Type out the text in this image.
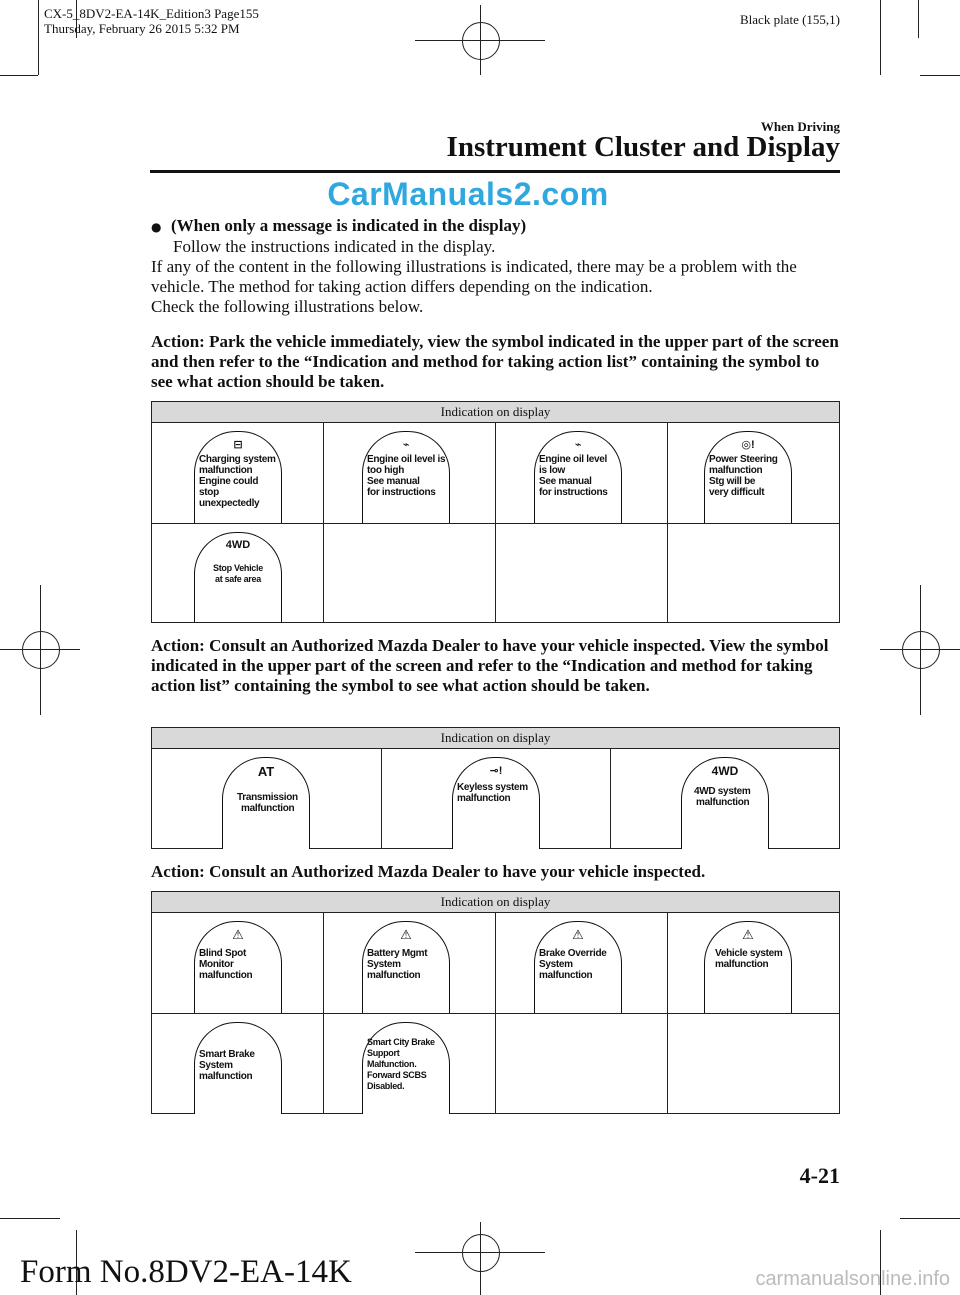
CX-5_8DV2-EA-14K_Edition3 Page155
Thursday, February 26 2015 5:32 PM
Black plate (155,1)
When Driving
Instrument Cluster and Display
CarManuals2.com
● (When only a message is indicated in the display)
Follow the instructions indicated in the display.
If any of the content in the following illustrations is indicated, there may be a problem with the vehicle. The method for taking action differs depending on the indication.
Check the following illustrations below.
Action: Park the vehicle immediately, view the symbol indicated in the upper part of the screen and then refer to the “Indication and method for taking action list” containing the symbol to see what action should be taken.
Indication on display
⊟
Charging system
malfunction
Engine could
stop unexpectedly
⌁
Engine oil level is
too high
See manual
for instructions
⌁
Engine oil level
is low
See manual
for instructions
◎!
Power Steering
malfunction
Stg will be
very difficult
4WD
Stop Vehicle
at safe area
Action: Consult an Authorized Mazda Dealer to have your vehicle inspected. View the symbol indicated in the upper part of the screen and refer to the “Indication and method for taking action list” containing the symbol to see what action should be taken.
Indication on display
AT
Transmission
malfunction
⊸!
Keyless system
malfunction
4WD
4WD system
malfunction
Action: Consult an Authorized Mazda Dealer to have your vehicle inspected.
Indication on display
⚠
Blind Spot Monitor
malfunction
⚠
Battery Mgmt
System malfunction
⚠
Brake Override
System malfunction
⚠
Vehicle system
malfunction
Smart Brake System
malfunction
Smart City Brake
Support Malfunction.
Forward SCBS
Disabled.
4-21
Form No.8DV2-EA-14K	carmanualsonline.info
